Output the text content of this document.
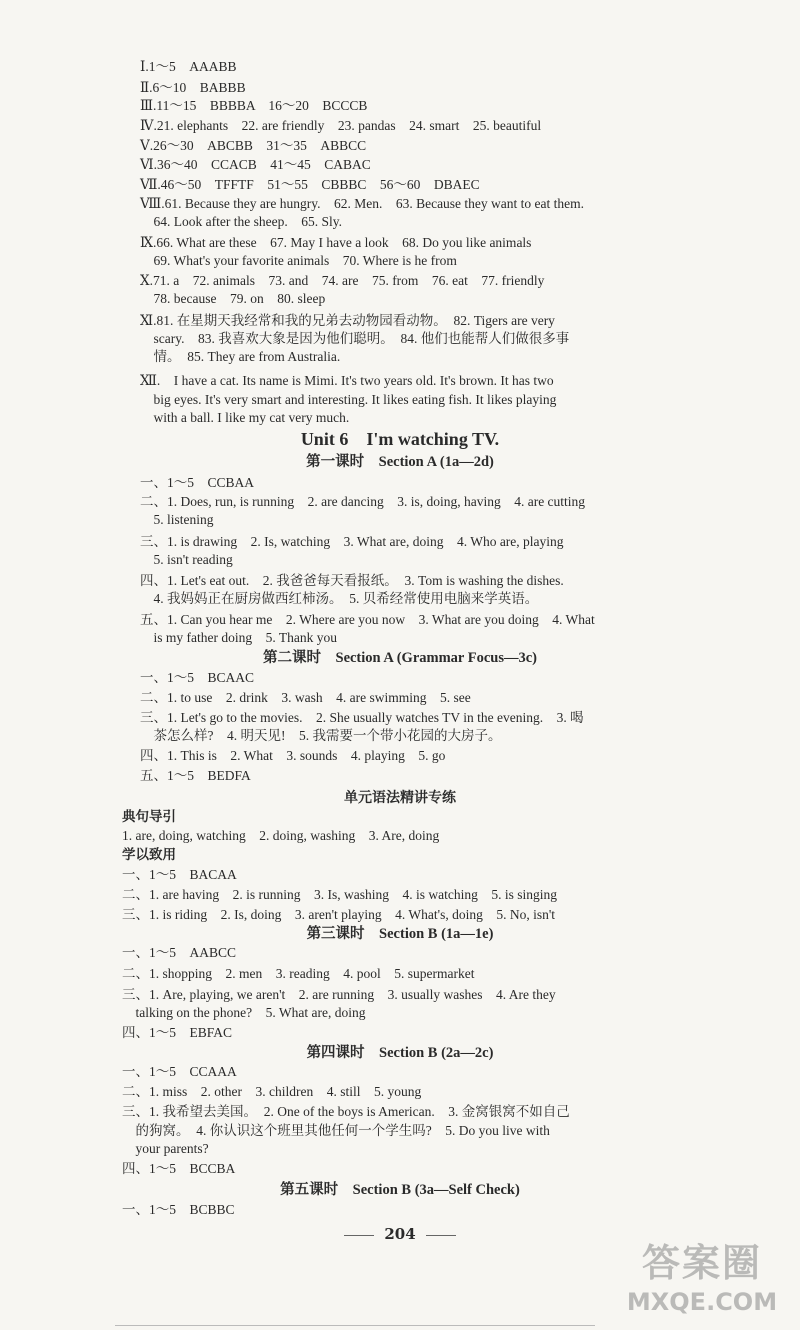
Ⅰ.1～5　AAABB
Ⅱ.6～10　BABBB
Ⅲ.11～15　BBBBA　16～20　BCCCB
Ⅳ.21. elephants　22. are friendly　23. pandas　24. smart　25. beautiful
Ⅴ.26～30　ABCBB　31～35　ABBCC
Ⅵ.36～40　CCACB　41～45　CABAC
Ⅶ.46～50　TFFTF　51～55　CBBBC　56～60　DBAEC
Ⅷ.61. Because they are hungry.　62. Men.　63. Because they want to eat them.
　64. Look after the sheep.　65. Sly.
Ⅸ.66. What are these　67. May I have a look　68. Do you like animals
　69. What's your favorite animals　70. Where is he from
Ⅹ.71. a　72. animals　73. and　74. are　75. from　76. eat　77. friendly
　78. because　79. on　80. sleep
Ⅺ.81. 在星期天我经常和我的兄弟去动物园看动物。　82. Tigers are very
　scary.　83. 我喜欢大象是因为他们聪明。　84. 他们也能帮人们做很多事
　情。　85. They are from Australia.
Ⅻ.　I have a cat. Its name is Mimi. It's two years old. It's brown. It has two
　big eyes. It's very smart and interesting. It likes eating fish. It likes playing
　with a ball. I like my cat very much.
Unit 6　I'm watching TV.
第一课时　Section A (1a—2d)
一、1～5　CCBAA
二、1. Does, run, is running　2. are dancing　3. is, doing, having　4. are cutting
　5. listening
三、1. is drawing　2. Is, watching　3. What are, doing　4. Who are, playing
　5. isn't reading
四、1. Let's eat out.　2. 我爸爸每天看报纸。　3. Tom is washing the dishes.
　4. 我妈妈正在厨房做西红柿汤。　5. 贝希经常使用电脑来学英语。
五、1. Can you hear me　2. Where are you now　3. What are you doing　4. What
　is my father doing　5. Thank you
第二课时　Section A (Grammar Focus—3c)
一、1～5　BCAAC
二、1. to use　2. drink　3. wash　4. are swimming　5. see
三、1. Let's go to the movies.　2. She usually watches TV in the evening.　3. 喝
　茶怎么样?　4. 明天见!　5. 我需要一个带小花园的大房子。
四、1. This is　2. What　3. sounds　4. playing　5. go
五、1～5　BEDFA
单元语法精讲专练
典句导引
1. are, doing, watching　2. doing, washing　3. Are, doing
学以致用
一、1～5　BACAA
二、1. are having　2. is running　3. Is, washing　4. is watching　5. is singing
三、1. is riding　2. Is, doing　3. aren't playing　4. What's, doing　5. No, isn't
第三课时　Section B (1a—1e)
一、1～5　AABCC
二、1. shopping　2. men　3. reading　4. pool　5. supermarket
三、1. Are, playing, we aren't　2. are running　3. usually washes　4. Are they
　talking on the phone?　5. What are, doing
四、1～5　EBFAC
第四课时　Section B (2a—2c)
一、1～5　CCAAA
二、1. miss　2. other　3. children　4. still　5. young
三、1. 我希望去美国。　2. One of the boys is American.　3. 金窝银窝不如自己
　的狗窝。　4. 你认识这个班里其他任何一个学生吗?　5. Do you live with
　your parents?
四、1～5　BCCBA
第五课时　Section B (3a—Self Check)
一、1～5　BCBBC
204
答案圈
MXQE.COM
